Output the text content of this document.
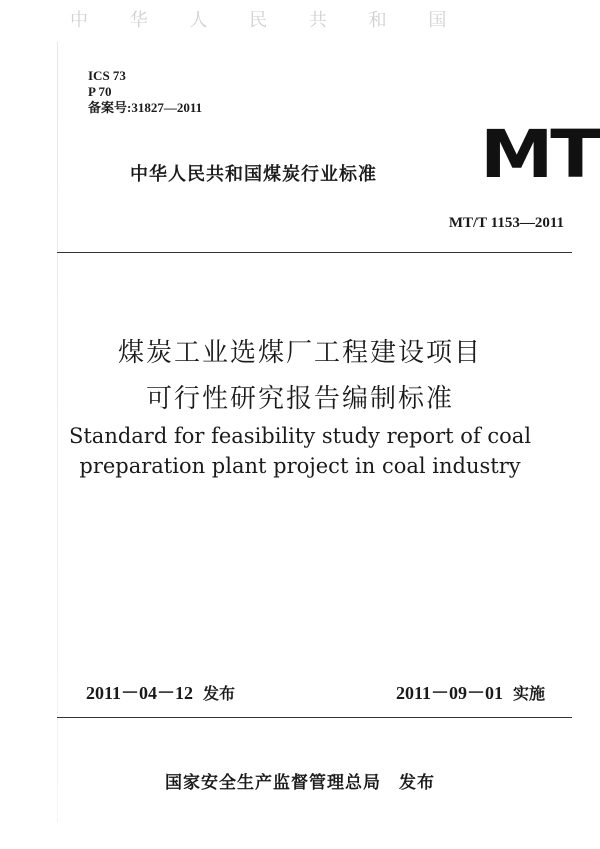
中 华 人 民 共 和 国
ICS 73
P 70
备案号:31827—2011
中华人民共和国煤炭行业标准 MT
MT/T 1153—2011
煤炭工业选煤厂工程建设项目
可行性研究报告编制标准
Standard for feasibility study report of coal
preparation plant project in coal industry
2011－04－12 发布	2011－09－01 实施
国家安全生产监督管理总局 发布
